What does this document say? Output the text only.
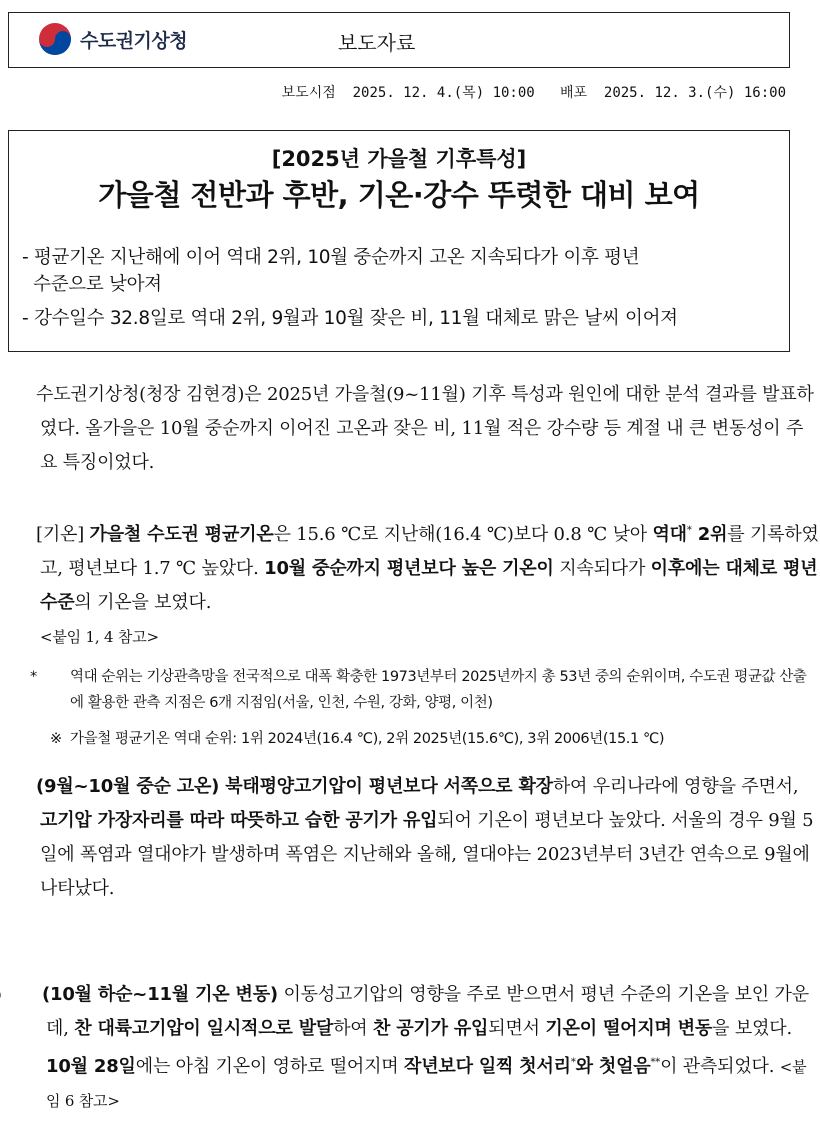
수도권기상청	보도자료
보도시점  2025. 12. 4.(목) 10:00   배포  2025. 12. 3.(수) 16:00
[2025년 가을철 기후특성]
가을철 전반과 후반, 기온·강수 뚜렷한 대비 보여
- 평균기온 지난해에 이어 역대 2위, 10월 중순까지 고온 지속되다가 이후 평년
수준으로 낮아져
- 강수일수 32.8일로 역대 2위, 9월과 10월 잦은 비, 11월 대체로 맑은 날씨 이어져
수도권기상청(청장 김현경)은 2025년 가을철(9~11월) 기후 특성과 원인에 대한 분석 결과를 발표하였다. 올가을은 10월 중순까지 이어진 고온과 잦은 비, 11월 적은 강수량 등 계절 내 큰 변동성이 주요 특징이었다.
[기온] 가을철 수도권 평균기온은 15.6 ℃로 지난해(16.4 ℃)보다 0.8 ℃ 낮아 역대* 2위를 기록하였고, 평년보다 1.7 ℃ 높았다. 10월 중순까지 평년보다 높은 기온이 지속되다가 이후에는 대체로 평년 수준의 기온을 보였다.
<붙임 1, 4 참고>
* 역대 순위는 기상관측망을 전국적으로 대폭 확충한 1973년부터 2025년까지 총 53년 중의 순위이며, 수도권 평균값 산출에 활용한 관측 지점은 6개 지점임(서울, 인천, 수원, 강화, 양평, 이천)
※ 가을철 평균기온 역대 순위: 1위 2024년(16.4 ℃), 2위 2025년(15.6℃), 3위 2006년(15.1 ℃)
(9월~10월 중순 고온) 북태평양고기압이 평년보다 서쪽으로 확장하여 우리나라에 영향을 주면서, 고기압 가장자리를 따라 따뜻하고 습한 공기가 유입되어 기온이 평년보다 높았다. 서울의 경우 9월 5일에 폭염과 열대야가 발생하며 폭염은 지난해와 올해, 열대야는 2023년부터 3년간 연속으로 9월에 나타났다.
(10월 하순~11월 기온 변동) 이동성고기압의 영향을 주로 받으면서 평년 수준의 기온을 보인 가운데, 찬 대륙고기압이 일시적으로 발달하여 찬 공기가 유입되면서 기온이 떨어지며 변동을 보였다. 10월 28일에는 아침 기온이 영하로 떨어지며 작년보다 일찍 첫서리*와 첫얼음**이 관측되었다. <붙임 6 참고>
